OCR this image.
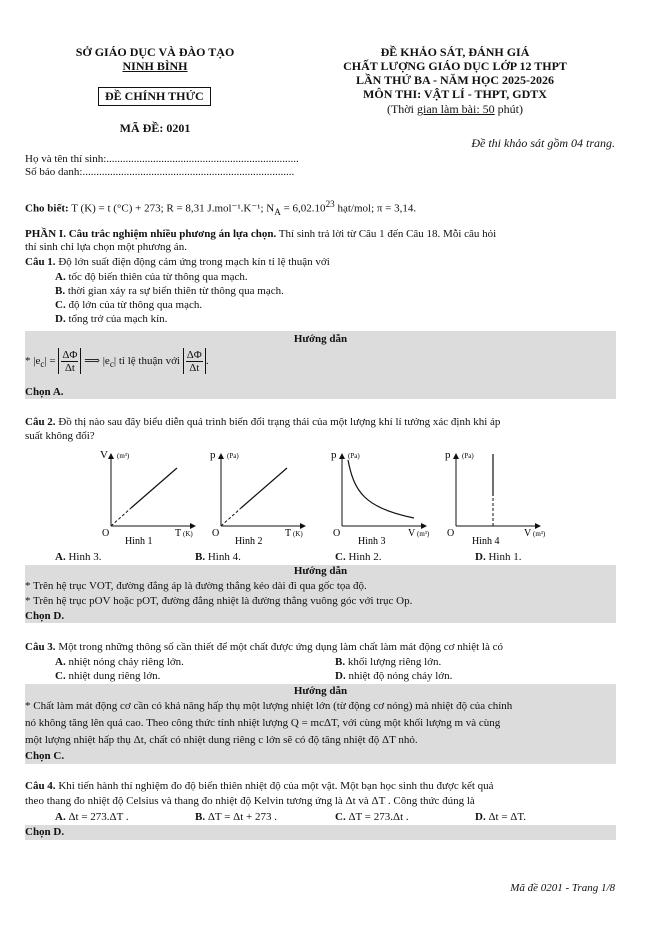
SỞ GIÁO DỤC VÀ ĐÀO TẠO
NINH BÌNH
ĐỀ CHÍNH THỨC
MÃ ĐỀ: 0201
ĐỀ KHẢO SÁT, ĐÁNH GIÁ
CHẤT LƯỢNG GIÁO DỤC LỚP 12 THPT
LẦN THỨ BA - NĂM HỌC 2025-2026
MÔN THI: VẬT LÍ - THPT, GDTX
(Thời gian làm bài: 50 phút)
Đề thi khảo sát gồm 04 trang.
Họ và tên thí sinh:......................................................................
Số báo danh:.............................................................................
Cho biết: T (K) = t (°C) + 273; R = 8,31 J.mol⁻¹.K⁻¹; $N_A = 6,02.10^{23}$ hạt/mol; π = 3,14.
PHẦN I. Câu trắc nghiệm nhiều phương án lựa chọn. Thí sinh trả lời từ Câu 1 đến Câu 18. Mỗi câu hỏi
thí sinh chỉ lựa chọn một phương án.
Câu 1. Độ lớn suất điện động cảm ứng trong mạch kín tỉ lệ thuận với
A. tốc độ biến thiên của từ thông qua mạch.
B. thời gian xảy ra sự biến thiên từ thông qua mạch.
C. độ lớn của từ thông qua mạch.
D. tổng trở của mạch kín.
Hướng dẫn
* $|e_c| = \frac{\Delta\Phi}{\Delta t}$ ⟹ $|e_c|$ tỉ lệ thuận với $\frac{\Delta\Phi}{\Delta t}$ .
Chọn A.
Câu 2. Đồ thị nào sau đây biểu diễn quá trình biến đổi trạng thái của một lượng khí lí tưởng xác định khi áp
suất không đổi?
V (m³)
O	T (K)
Hình 1
p (Pa)
O	T (K)
Hình 2
p (Pa)
O	V (m³)
Hình 3
p (Pa)
O	V (m³)
Hình 4
A. Hình 3.	B. Hình 4.	C. Hình 2.	D. Hình 1.
Hướng dẫn
* Trên hệ trục VOT, đường đẳng áp là đường thẳng kéo dài đi qua gốc tọa độ.
* Trên hệ trục pOV hoặc pOT, đường đẳng nhiệt là đường thẳng vuông góc với trục Op.
Chọn D.
Câu 3. Một trong những thông số cần thiết để một chất được ứng dụng làm chất làm mát động cơ nhiệt là có
A. nhiệt nóng chảy riêng lớn.	B. khối lượng riêng lớn.
C. nhiệt dung riêng lớn.	D. nhiệt độ nóng chảy lớn.
Hướng dẫn
* Chất làm mát động cơ cần có khả năng hấp thụ một lượng nhiệt lớn (từ động cơ nóng) mà nhiệt độ của chính
nó không tăng lên quá cao. Theo công thức tính nhiệt lượng Q = mcΔT, với cùng một khối lượng m và cùng
một lượng nhiệt hấp thụ Δt, chất có nhiệt dung riêng c lớn sẽ có độ tăng nhiệt độ ΔT nhỏ.
Chọn C.
Câu 4. Khi tiến hành thí nghiệm đo độ biến thiên nhiệt độ của một vật. Một bạn học sinh thu được kết quả
theo thang đo nhiệt độ Celsius và thang đo nhiệt độ Kelvin tương ứng là Δt và ΔT . Công thức đúng là
A. Δt = 273.ΔT .	B. ΔT = Δt + 273 .	C. ΔT = 273.Δt .	D. Δt = ΔT.
Chọn D.
Mã đề 0201 - Trang 1/8
